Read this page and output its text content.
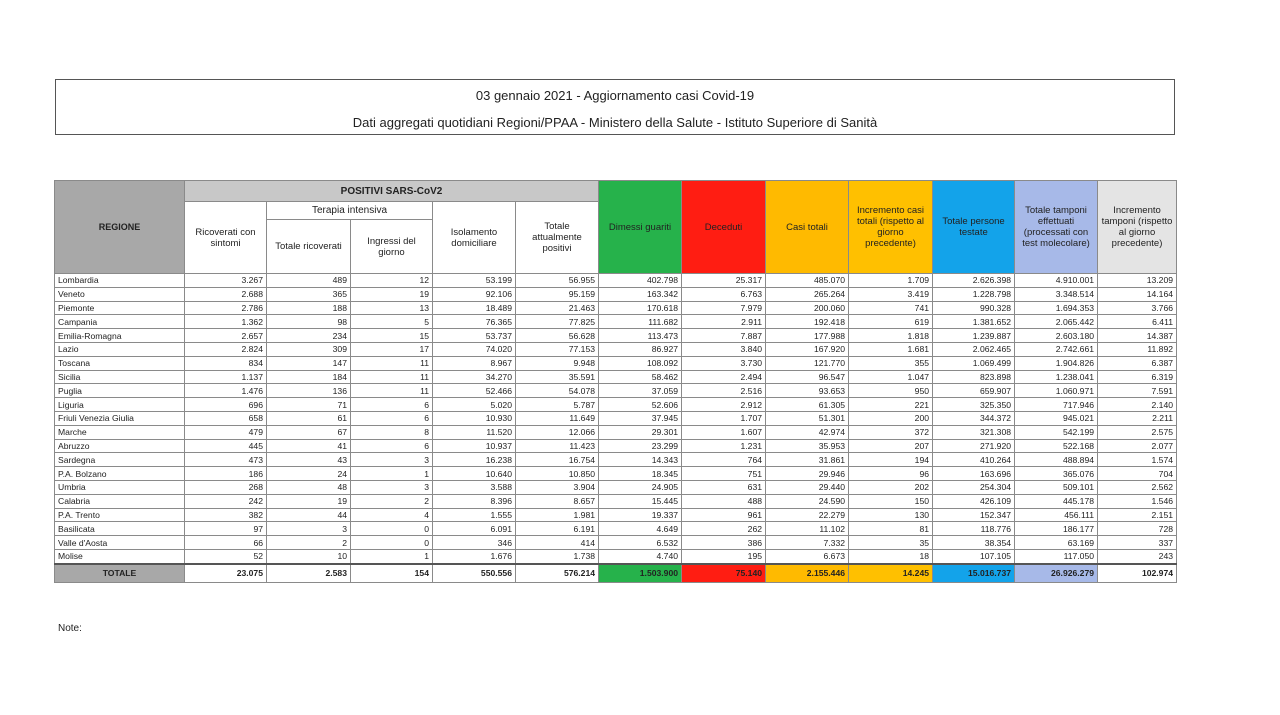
03 gennaio 2021 - Aggiornamento casi Covid-19
Dati aggregati quotidiani Regioni/PPAA - Ministero della Salute - Istituto Superiore di Sanità
REGIONE	POSITIVI SARS-CoV2					Dimessi guariti	Deceduti	Casi totali	Incremento casi totali (rispetto al giorno precedente)	Totale persone testate	Totale tamponi effettuati (processati con test molecolare)	Incremento tamponi (rispetto al giorno precedente)
	Ricoverati con sintomi	Terapia intensiva		Isolamento domiciliare	Totale attualmente positivi							
		Totale ricoverati	Ingressi del giorno									
Lombardia	3.267	489	12	53.199	56.955	402.798	25.317	485.070	1.709	2.626.398	4.910.001	13.209
Veneto	2.688	365	19	92.106	95.159	163.342	6.763	265.264	3.419	1.228.798	3.348.514	14.164
Piemonte	2.786	188	13	18.489	21.463	170.618	7.979	200.060	741	990.328	1.694.353	3.766
Campania	1.362	98	5	76.365	77.825	111.682	2.911	192.418	619	1.381.652	2.065.442	6.411
Emilia-Romagna	2.657	234	15	53.737	56.628	113.473	7.887	177.988	1.818	1.239.887	2.603.180	14.387
Lazio	2.824	309	17	74.020	77.153	86.927	3.840	167.920	1.681	2.062.465	2.742.661	11.892
Toscana	834	147	11	8.967	9.948	108.092	3.730	121.770	355	1.069.499	1.904.826	6.387
Sicilia	1.137	184	11	34.270	35.591	58.462	2.494	96.547	1.047	823.898	1.238.041	6.319
Puglia	1.476	136	11	52.466	54.078	37.059	2.516	93.653	950	659.907	1.060.971	7.591
Liguria	696	71	6	5.020	5.787	52.606	2.912	61.305	221	325.350	717.946	2.140
Friuli Venezia Giulia	658	61	6	10.930	11.649	37.945	1.707	51.301	200	344.372	945.021	2.211
Marche	479	67	8	11.520	12.066	29.301	1.607	42.974	372	321.308	542.199	2.575
Abruzzo	445	41	6	10.937	11.423	23.299	1.231	35.953	207	271.920	522.168	2.077
Sardegna	473	43	3	16.238	16.754	14.343	764	31.861	194	410.264	488.894	1.574
P.A. Bolzano	186	24	1	10.640	10.850	18.345	751	29.946	96	163.696	365.076	704
Umbria	268	48	3	3.588	3.904	24.905	631	29.440	202	254.304	509.101	2.562
Calabria	242	19	2	8.396	8.657	15.445	488	24.590	150	426.109	445.178	1.546
P.A. Trento	382	44	4	1.555	1.981	19.337	961	22.279	130	152.347	456.111	2.151
Basilicata	97	3	0	6.091	6.191	4.649	262	11.102	81	118.776	186.177	728
Valle d'Aosta	66	2	0	346	414	6.532	386	7.332	35	38.354	63.169	337
Molise	52	10	1	1.676	1.738	4.740	195	6.673	18	107.105	117.050	243
TOTALE	23.075	2.583	154	550.556	576.214	1.503.900	75.140	2.155.446	14.245	15.016.737	26.926.279	102.974
Note:
